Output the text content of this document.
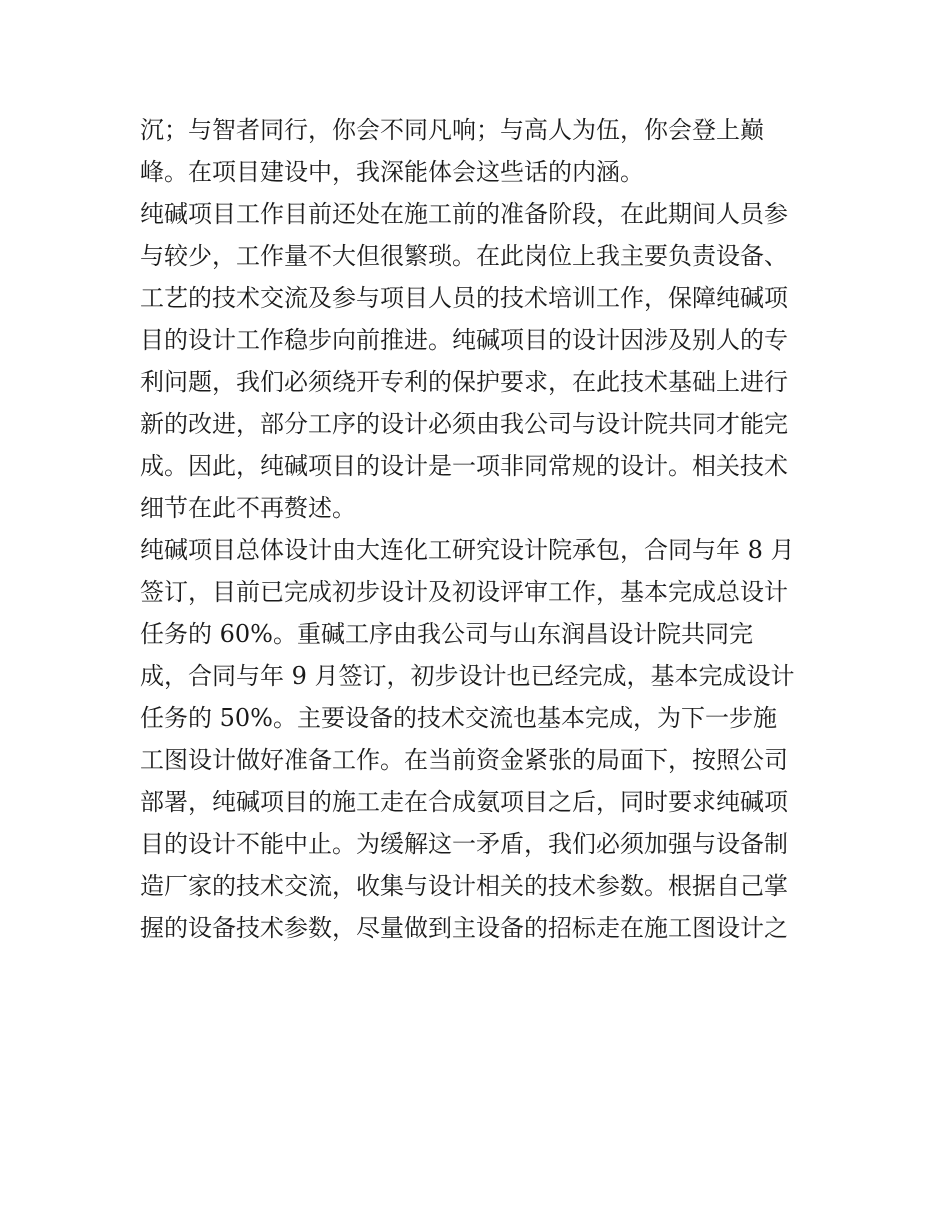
沉；与智者同行，你会不同凡响；与高人为伍，你会登上巅

峰。在项目建设中，我深能体会这些话的内涵。

纯碱项目工作目前还处在施工前的准备阶段，在此期间人员参

与较少，工作量不大但很繁琐。在此岗位上我主要负责设备、

工艺的技术交流及参与项目人员的技术培训工作，保障纯碱项

目的设计工作稳步向前推进。纯碱项目的设计因涉及别人的专

利问题，我们必须绕开专利的保护要求，在此技术基础上进行

新的改进，部分工序的设计必须由我公司与设计院共同才能完

成。因此，纯碱项目的设计是一项非同常规的设计。相关技术

细节在此不再赘述。

纯碱项目总体设计由大连化工研究设计院承包，合同与年 8 月

签订，目前已完成初步设计及初设评审工作，基本完成总设计

任务的 60%。重碱工序由我公司与山东润昌设计院共同完

成，合同与年 9 月签订，初步设计也已经完成，基本完成设计

任务的 50%。主要设备的技术交流也基本完成，为下一步施

工图设计做好准备工作。在当前资金紧张的局面下，按照公司

部署，纯碱项目的施工走在合成氨项目之后，同时要求纯碱项

目的设计不能中止。为缓解这一矛盾，我们必须加强与设备制

造厂家的技术交流，收集与设计相关的技术参数。根据自己掌

握的设备技术参数，尽量做到主设备的招标走在施工图设计之
